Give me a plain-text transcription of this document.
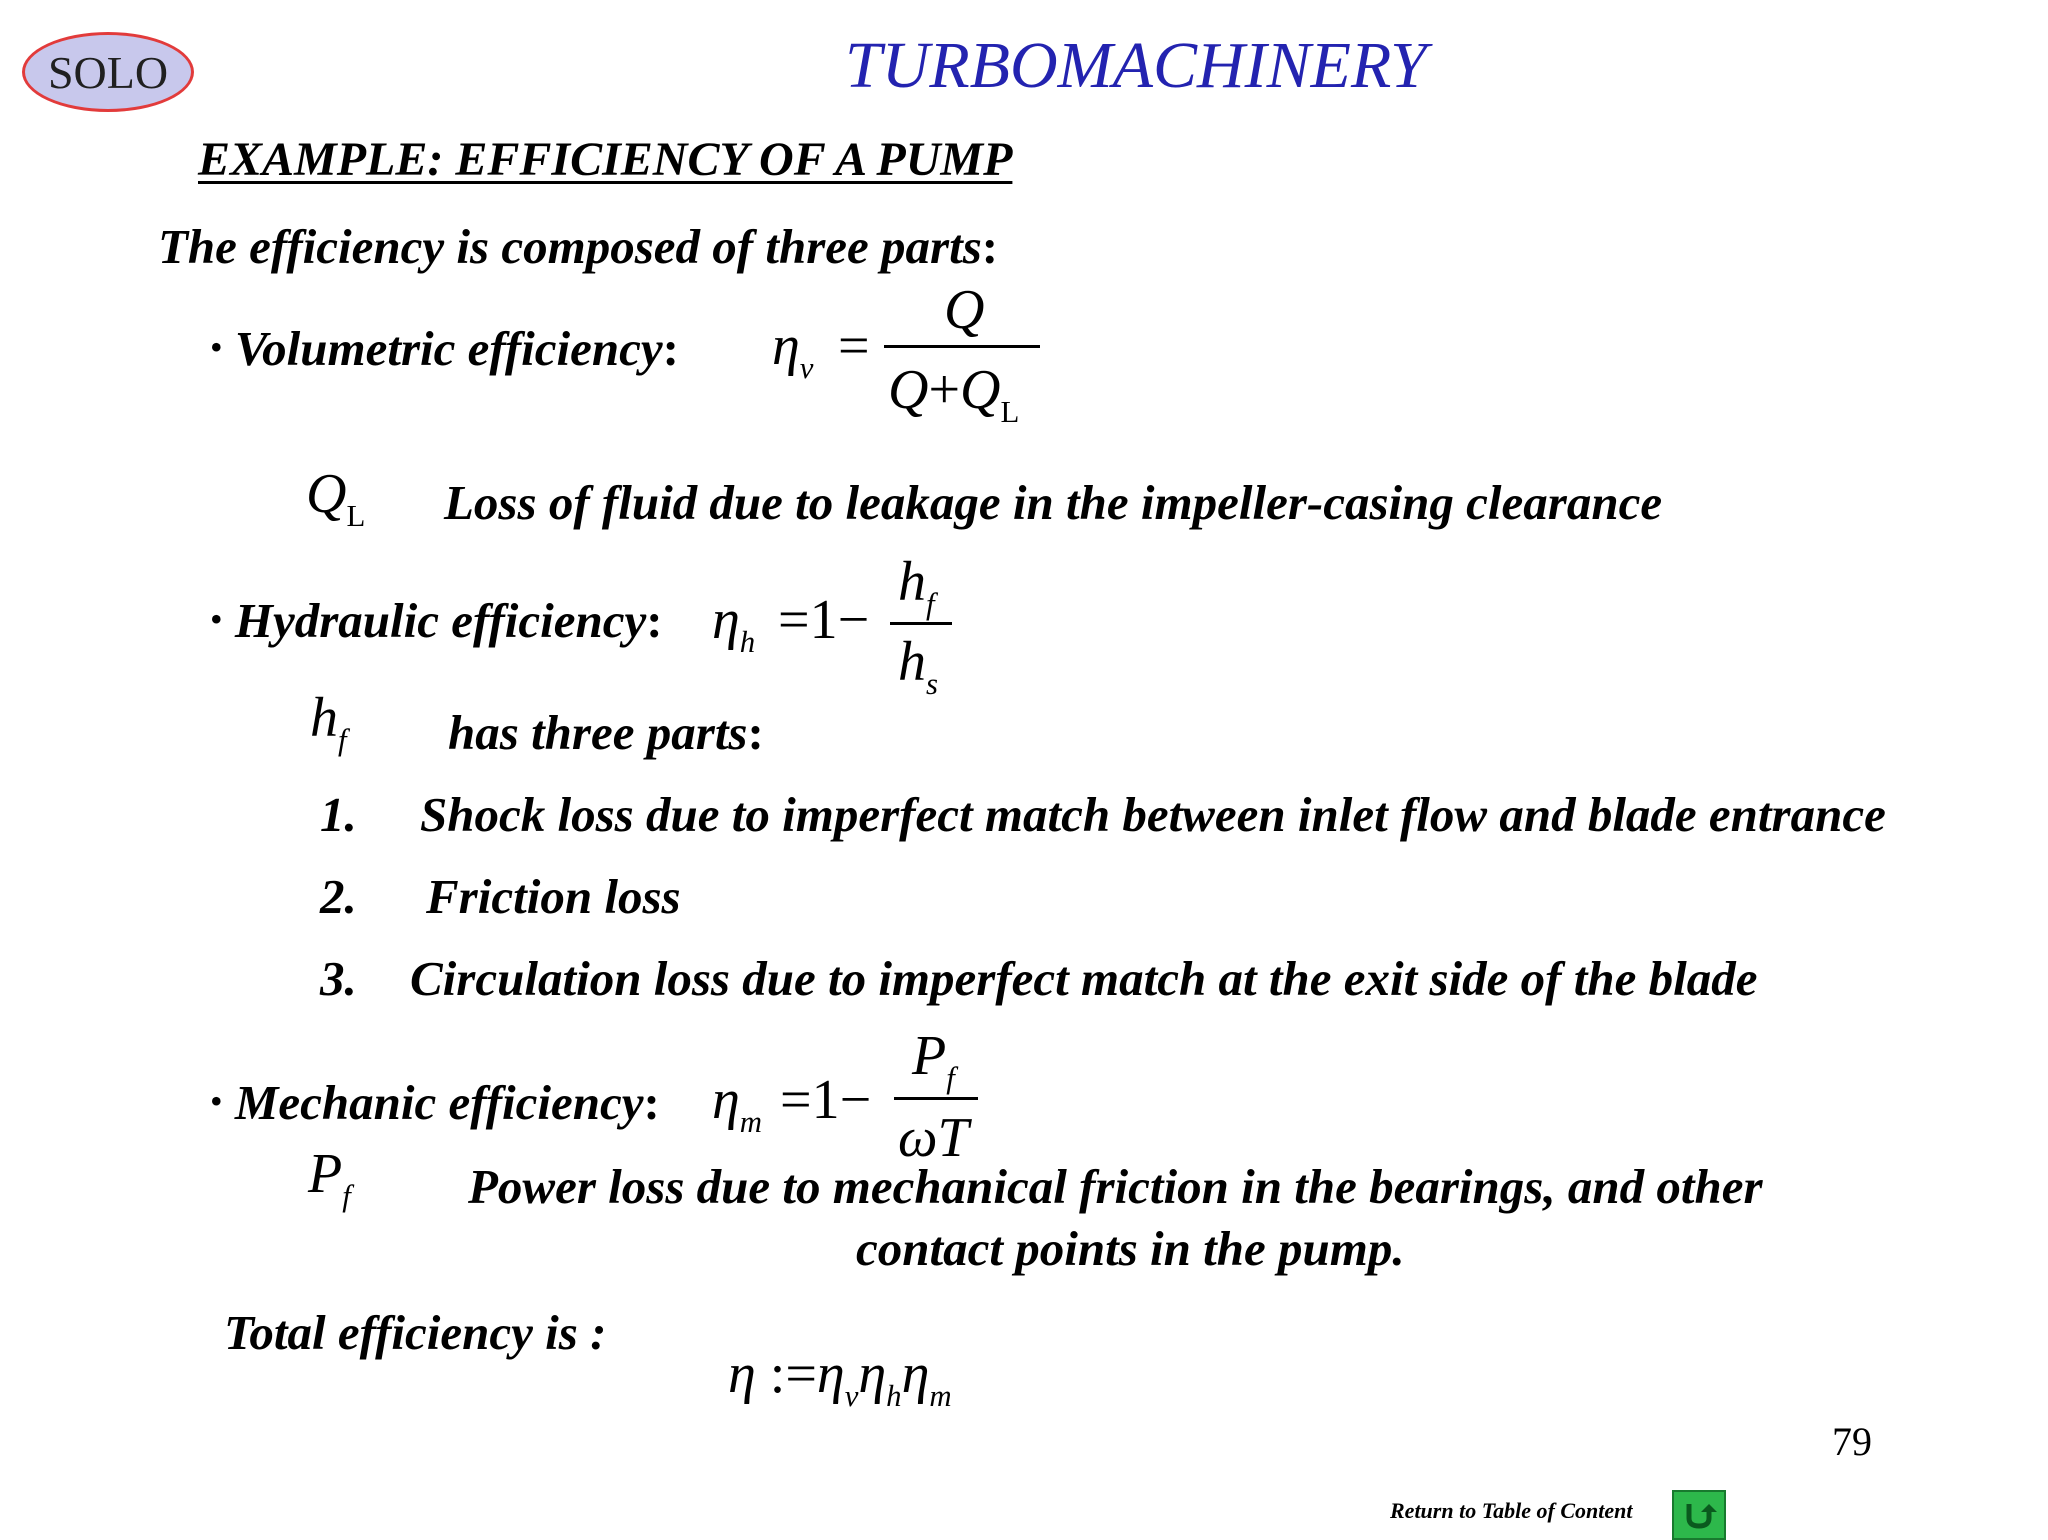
SOLO	TURBOMACHINERY
EXAMPLE: EFFICIENCY OF A PUMP
The efficiency is composed of three parts:
• Volumetric efficiency: $\eta_v$ =
Q
$Q+Q_L$
$Q_L$ Loss of fluid due to leakage in the impeller-casing clearance
• Hydraulic efficiency: $\eta_h =1-$
$h_f$
$h_s$
$h_f$ has three parts:
1. Shock loss due to imperfect match between inlet flow and blade entrance
2. Friction loss
3. Circulation loss due to imperfect match at the exit side of the blade
• Mechanic efficiency: $\eta_m =1-$
$P_f$
ωT
$P_f$ Power loss due to mechanical friction in the bearings, and other
contact points in the pump.
Total efficiency is :
η $:=\eta_v\eta_h\eta_m$
79
Return to Table of Content
